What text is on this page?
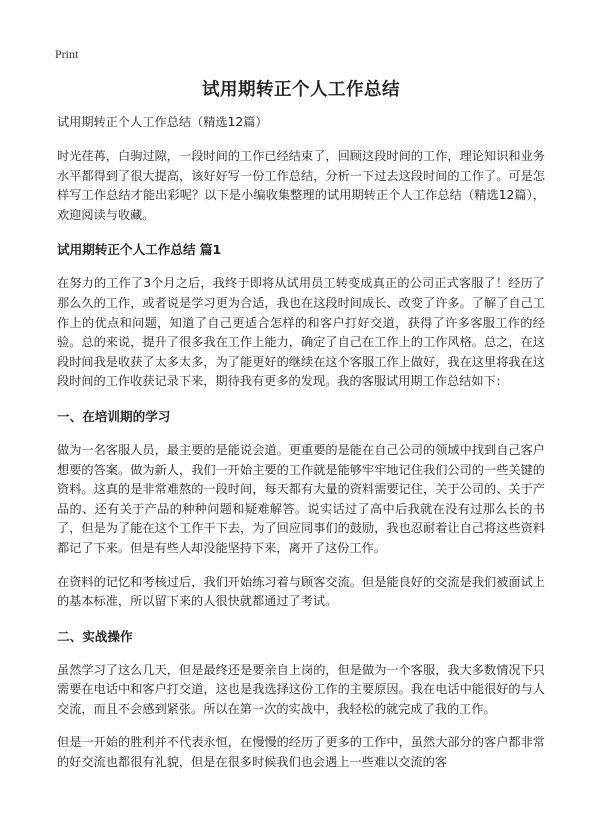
Print
试用期转正个人工作总结
试用期转正个人工作总结（精选12篇）

时光荏苒，白驹过隙，一段时间的工作已经结束了，回顾这段时间的工作，理论知识和业务水平都得到了很大提高，该好好写一份工作总结，分析一下过去这段时间的工作了。可是怎样写工作总结才能出彩呢？以下是小编收集整理的试用期转正个人工作总结（精选12篇），欢迎阅读与收藏。

试用期转正个人工作总结 篇1

在努力的工作了3个月之后，我终于即将从试用员工转变成真正的公司正式客服了！经历了那么久的工作，或者说是学习更为合适，我也在这段时间成长、改变了许多。了解了自己工作上的优点和问题，知道了自己更适合怎样的和客户打好交道，获得了许多客服工作的经验。总的来说，提升了很多我在工作上能力，确定了自己在工作上的工作风格。总之，在这段时间我是收获了太多太多，为了能更好的继续在这个客服工作上做好，我在这里将我在这段时间的工作收获记录下来，期待我有更多的发现。我的客服试用期工作总结如下：

一、在培训期的学习

做为一名客服人员，最主要的是能说会道。更重要的是能在自己公司的领域中找到自己客户想要的答案。做为新人，我们一开始主要的工作就是能够牢牢地记住我们公司的一些关键的资料。这真的是非常难熬的一段时间，每天都有大量的资料需要记住，关于公司的、关于产品的、还有关于产品的种种问题和疑难解答。说实话过了高中后我就在没有过那么长的书了，但是为了能在这个工作干下去，为了回应同事们的鼓励，我也忍耐着让自己将这些资料都记了下来。但是有些人却没能坚持下来，离开了这份工作。

在资料的记忆和考核过后，我们开始练习着与顾客交流。但是能良好的交流是我们被面试上的基本标准，所以留下来的人很快就都通过了考试。

二、实战操作

虽然学习了这么几天，但是最终还是要亲自上岗的，但是做为一个客服，我大多数情况下只需要在电话中和客户打交道，这也是我选择这份工作的主要原因。我在电话中能很好的与人交流，而且不会感到紧张。所以在第一次的实战中，我轻松的就完成了我的工作。

但是一开始的胜利并不代表永恒，在慢慢的经历了更多的工作中，虽然大部分的客户都非常的好交流也都很有礼貌，但是在很多时候我们也会遇上一些难以交流的客
